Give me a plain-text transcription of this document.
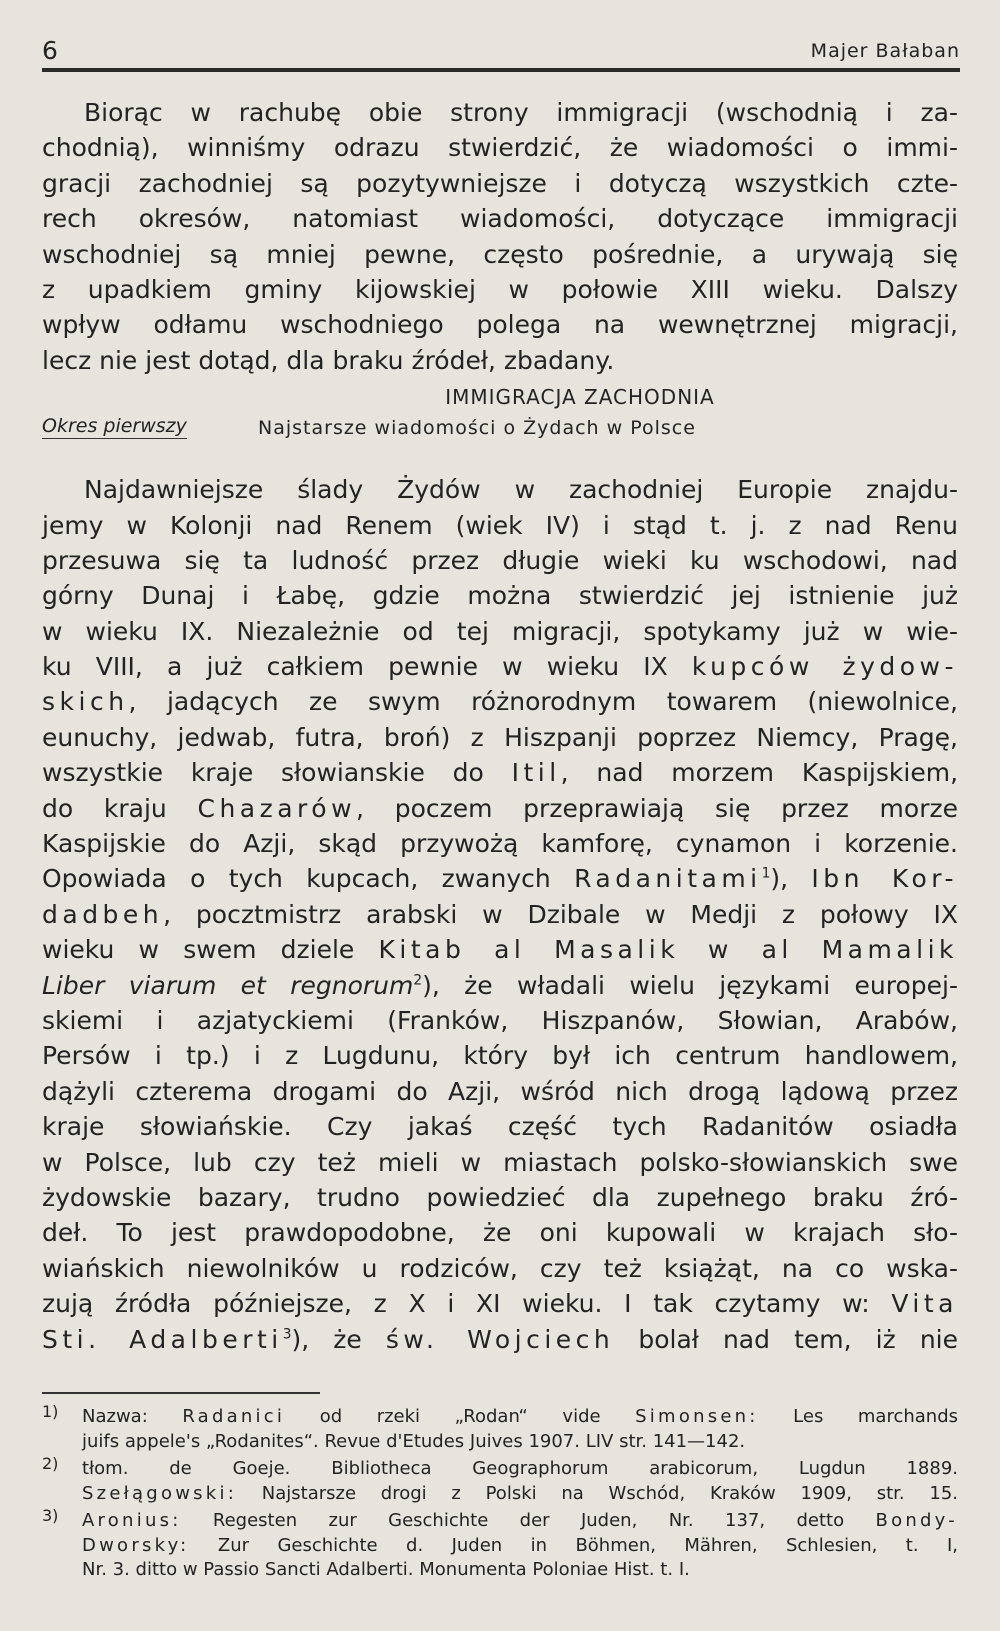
6	Majer Bałaban
Biorąc w rachubę obie strony immigracji (wschodnią i za-
chodnią), winniśmy odrazu stwierdzić, że wiadomości o immi-
gracji zachodniej są pozytywniejsze i dotyczą wszystkich czte-
rech okresów, natomiast wiadomości, dotyczące immigracji
wschodniej są mniej pewne, często pośrednie, a urywają się
z upadkiem gminy kijowskiej w połowie XIII wieku. Dalszy
wpływ odłamu wschodniego polega na wewnętrznej migracji,
lecz nie jest dotąd, dla braku źródeł, zbadany.
IMMIGRACJA ZACHODNIA
Okres pierwszy	Najstarsze wiadomości o Żydach w Polsce
Najdawniejsze ślady Żydów w zachodniej Europie znajdu-
jemy w Kolonji nad Renem (wiek IV) i stąd t. j. z nad Renu
przesuwa się ta ludność przez długie wieki ku wschodowi, nad
górny Dunaj i Łabę, gdzie można stwierdzić jej istnienie już
w wieku IX. Niezależnie od tej migracji, spotykamy już w wie-
ku VIII, a już całkiem pewnie w wieku IX kupców żydow-
skich, jadących ze swym różnorodnym towarem (niewolnice,
eunuchy, jedwab, futra, broń) z Hiszpanji poprzez Niemcy, Pragę,
wszystkie kraje słowianskie do Itil, nad morzem Kaspijskiem,
do kraju Chazarów, poczem przeprawiają się przez morze
Kaspijskie do Azji, skąd przywożą kamforę, cynamon i korzenie.
Opowiada o tych kupcach, zwanych Radanitami$^1$), Ibn Kor-
dadbeh, pocztmistrz arabski w Dzibale w Medji z połowy IX
wieku w swem dziele Kitab al Masalik w al Mamalik
Liber viarum et regnorum$^2$), że władali wielu językami europej-
skiemi i azjatyckiemi (Franków, Hiszpanów, Słowian, Arabów,
Persów i tp.) i z Lugdunu, który był ich centrum handlowem,
dążyli czterema drogami do Azji, wśród nich drogą lądową przez
kraje słowiańskie. Czy jakaś część tych Radanitów osiadła
w Polsce, lub czy też mieli w miastach polsko-słowianskich swe
żydowskie bazary, trudno powiedzieć dla zupełnego braku źró-
deł. To jest prawdopodobne, że oni kupowali w krajach sło-
wiańskich niewolników u rodziców, czy też książąt, na co wska-
zują źródła późniejsze, z X i XI wieku. I tak czytamy w: Vita
Sti. Adalberti$^3$), że św. Wojciech bolał nad tem, iż nie
1) Nazwa: Radanici od rzeki „Rodan“ vide Simonsen: Les marchands
juifs appele's „Rodanites“. Revue d'Etudes Juives 1907. LIV str. 141—142.
2) tłom. de Goeje. Bibliotheca Geographorum arabicorum, Lugdun 1889.
Szełągowski: Najstarsze drogi z Polski na Wschód, Kraków 1909, str. 15.
3) Aronius: Regesten zur Geschichte der Juden, Nr. 137, detto Bondy-
Dworsky: Zur Geschichte d. Juden in Böhmen, Mähren, Schlesien, t. I,
Nr. 3. ditto w Passio Sancti Adalberti. Monumenta Poloniae Hist. t. I.
